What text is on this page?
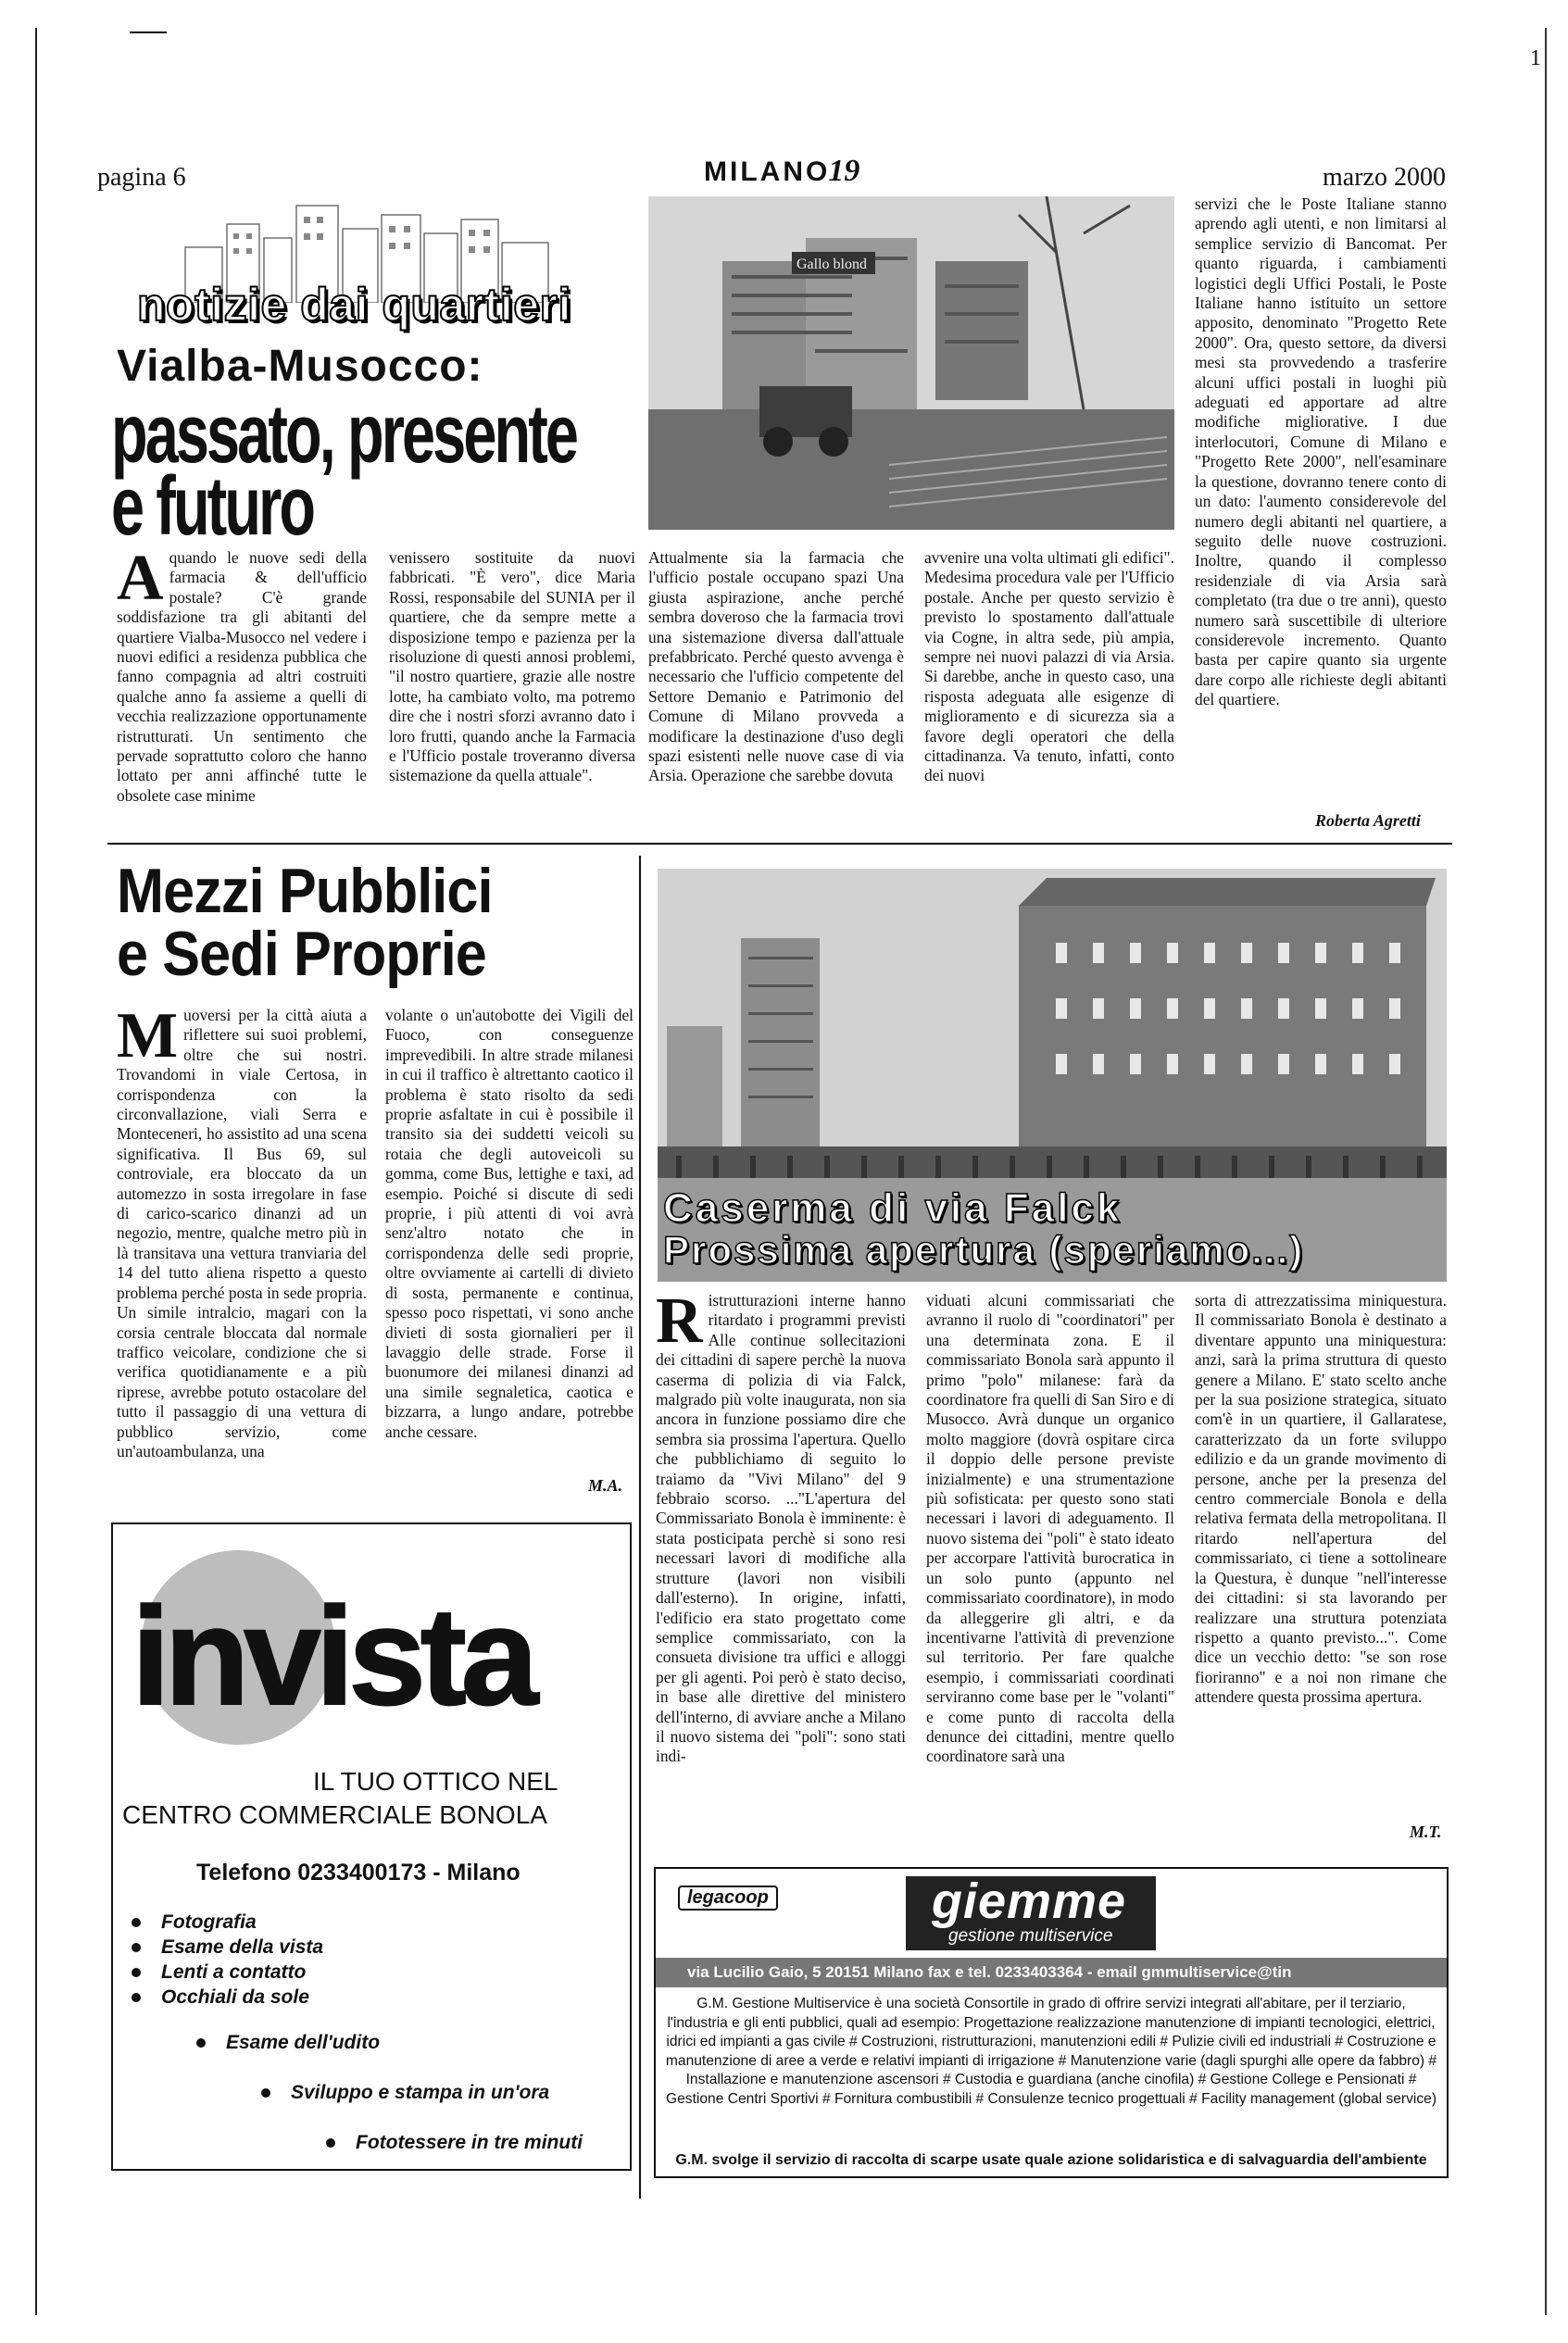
1
pagina 6	MILANO 19	marzo 2000
notizie dai quartieri
Vialba-Musocco:
passato, presente
e futuro
Gallo blond
Aquando le nuove sedi della farmacia & dell'ufficio postale? C'è grande soddisfazione tra gli abitanti del quartiere Vialba-Musocco nel vedere i nuovi edifici a residenza pubblica che fanno compagnia ad altri costruiti qualche anno fa assieme a quelli di vecchia realizzazione opportunamente ristrutturati. Un sentimento che pervade soprattutto coloro che hanno lottato per anni affinché tutte le obsolete case minime
venissero sostituite da nuovi fabbricati. "È vero", dice Maria Rossi, responsabile del SUNIA per il quartiere, che da sempre mette a disposizione tempo e pazienza per la risoluzione di questi annosi problemi, "il nostro quartiere, grazie alle nostre lotte, ha cambiato volto, ma potremo dire che i nostri sforzi avranno dato i loro frutti, quando anche la Farmacia e l'Ufficio postale troveranno diversa sistemazione da quella attuale".
Attualmente sia la farmacia che l'ufficio postale occupano spazi Una giusta aspirazione, anche perché sembra doveroso che la farmacia trovi una sistemazione diversa dall'attuale prefabbricato. Perché questo avvenga è necessario che l'ufficio competente del Settore Demanio e Patrimonio del Comune di Milano provveda a modificare la destinazione d'uso degli spazi esistenti nelle nuove case di via Arsia. Operazione che sarebbe dovuta
avvenire una volta ultimati gli edifici". Medesima procedura vale per l'Ufficio postale. Anche per questo servizio è previsto lo spostamento dall'attuale via Cogne, in altra sede, più ampia, sempre nei nuovi palazzi di via Arsia. Si darebbe, anche in questo caso, una risposta adeguata alle esigenze di miglioramento e di sicurezza sia a favore degli operatori che della cittadinanza. Va tenuto, infatti, conto dei nuovi
servizi che le Poste Italiane stanno aprendo agli utenti, e non limitarsi al semplice servizio di Bancomat. Per quanto riguarda, i cambiamenti logistici degli Uffici Postali, le Poste Italiane hanno istituito un settore apposito, denominato "Progetto Rete 2000". Ora, questo settore, da diversi mesi sta provvedendo a trasferire alcuni uffici postali in luoghi più adeguati ed apportare ad altre modifiche migliorative. I due interlocutori, Comune di Milano e "Progetto Rete 2000", nell'esaminare la questione, dovranno tenere conto di un dato: l'aumento considerevole del numero degli abitanti nel quartiere, a seguito delle nuove costruzioni. Inoltre, quando il complesso residenziale di via Arsia sarà completato (tra due o tre anni), questo numero sarà suscettibile di ulteriore considerevole incremento. Quanto basta per capire quanto sia urgente dare corpo alle richieste degli abitanti del quartiere.
Roberta Agretti
Mezzi Pubblici
e Sedi Proprie
Muoversi per la città aiuta a riflettere sui suoi problemi, oltre che sui nostri. Trovandomi in viale Certosa, in corrispondenza con la circonvallazione, viali Serra e Monteceneri, ho assistito ad una scena significativa. Il Bus 69, sul controviale, era bloccato da un automezzo in sosta irregolare in fase di carico-scarico dinanzi ad un negozio, mentre, qualche metro più in là transitava una vettura tranviaria del 14 del tutto aliena rispetto a questo problema perché posta in sede propria. Un simile intralcio, magari con la corsia centrale bloccata dal normale traffico veicolare, condizione che si verifica quotidianamente e a più riprese, avrebbe potuto ostacolare del tutto il passaggio di una vettura di pubblico servizio, come un'autoambulanza, una
volante o un'autobotte dei Vigili del Fuoco, con conseguenze imprevedibili. In altre strade milanesi in cui il traffico è altrettanto caotico il problema è stato risolto da sedi proprie asfaltate in cui è possibile il transito sia dei suddetti veicoli su rotaia che degli autoveicoli su gomma, come Bus, lettighe e taxi, ad esempio. Poiché si discute di sedi proprie, i più attenti di voi avrà senz'altro notato che in corrispondenza delle sedi proprie, oltre ovviamente ai cartelli di divieto di sosta, permanente e continua, spesso poco rispettati, vi sono anche divieti di sosta giornalieri per il lavaggio delle strade. Forse il buonumore dei milanesi dinanzi ad una simile segnaletica, caotica e bizzarra, a lungo andare, potrebbe anche cessare.
M.A.
Caserma di via Falck
Prossima apertura (speriamo...)
Ristrutturazioni interne hanno ritardato i programmi previsti Alle continue sollecitazioni dei cittadini di sapere perchè la nuova caserma di polizia di via Falck, malgrado più volte inaugurata, non sia ancora in funzione possiamo dire che sembra sia prossima l'apertura. Quello che pubblichiamo di seguito lo traiamo da "Vivi Milano" del 9 febbraio scorso. ..."L'apertura del Commissariato Bonola è imminente: è stata posticipata perchè si sono resi necessari lavori di modifiche alla strutture (lavori non visibili dall'esterno). In origine, infatti, l'edificio era stato progettato come semplice commissariato, con la consueta divisione tra uffici e alloggi per gli agenti. Poi però è stato deciso, in base alle direttive del ministero dell'interno, di avviare anche a Milano il nuovo sistema dei "poli": sono stati indi-
viduati alcuni commissariati che avranno il ruolo di "coordinatori" per una determinata zona. E il commissariato Bonola sarà appunto il primo "polo" milanese: farà da coordinatore fra quelli di San Siro e di Musocco. Avrà dunque un organico molto maggiore (dovrà ospitare circa il doppio delle persone previste inizialmente) e una strumentazione più sofisticata: per questo sono stati necessari i lavori di adeguamento. Il nuovo sistema dei "poli" è stato ideato per accorpare l'attività burocratica in un solo punto (appunto nel commissariato coordinatore), in modo da alleggerire gli altri, e da incentivarne l'attività di prevenzione sul territorio. Per fare qualche esempio, i commissariati coordinati serviranno come base per le "volanti" e come punto di raccolta della denunce dei cittadini, mentre quello coordinatore sarà una
sorta di attrezzatissima miniquestura. Il commissariato Bonola è destinato a diventare appunto una miniquestura: anzi, sarà la prima struttura di questo genere a Milano. E' stato scelto anche per la sua posizione strategica, situato com'è in un quartiere, il Gallaratese, caratterizzato da un forte sviluppo edilizio e da un grande movimento di persone, anche per la presenza del centro commerciale Bonola e della relativa fermata della metropolitana. Il ritardo nell'apertura del commissariato, ci tiene a sottolineare la Questura, è dunque "nell'interesse dei cittadini: si sta lavorando per realizzare una struttura potenziata rispetto a quanto previsto...". Come dice un vecchio detto: "se son rose fioriranno" e a noi non rimane che attendere questa prossima apertura.
M.T.
invista
IL TUO OTTICO NEL
CENTRO COMMERCIALE BONOLA
Telefono 0233400173 - Milano
Fotografia
Esame della vista
Lenti a contatto
Occhiali da sole
Esame dell'udito
Sviluppo e stampa in un'ora
Fototessere in tre minuti
legacoop	giemme
gestione multiservice
via Lucilio Gaio, 5 20151 Milano fax e tel. 0233403364 - email gmmultiservice@tin
G.M. Gestione Multiservice è una società Consortile in grado di offrire servizi integrati all'abitare, per il terziario, l'industria e gli enti pubblici, quali ad esempio: Progettazione realizzazione manutenzione di impianti tecnologici, elettrici, idrici ed impianti a gas civile # Costruzioni, ristrutturazioni, manutenzioni edili # Pulizie civili ed industriali # Costruzione e manutenzione di aree a verde e relativi impianti di irrigazione # Manutenzione varie (dagli spurghi alle opere da fabbro) # Installazione e manutenzione ascensori # Custodia e guardiana (anche cinofila) # Gestione College e Pensionati # Gestione Centri Sportivi # Fornitura combustibili # Consulenze tecnico progettuali # Facility management (global service)
G.M. svolge il servizio di raccolta di scarpe usate quale azione solidaristica e di salvaguardia dell'ambiente
